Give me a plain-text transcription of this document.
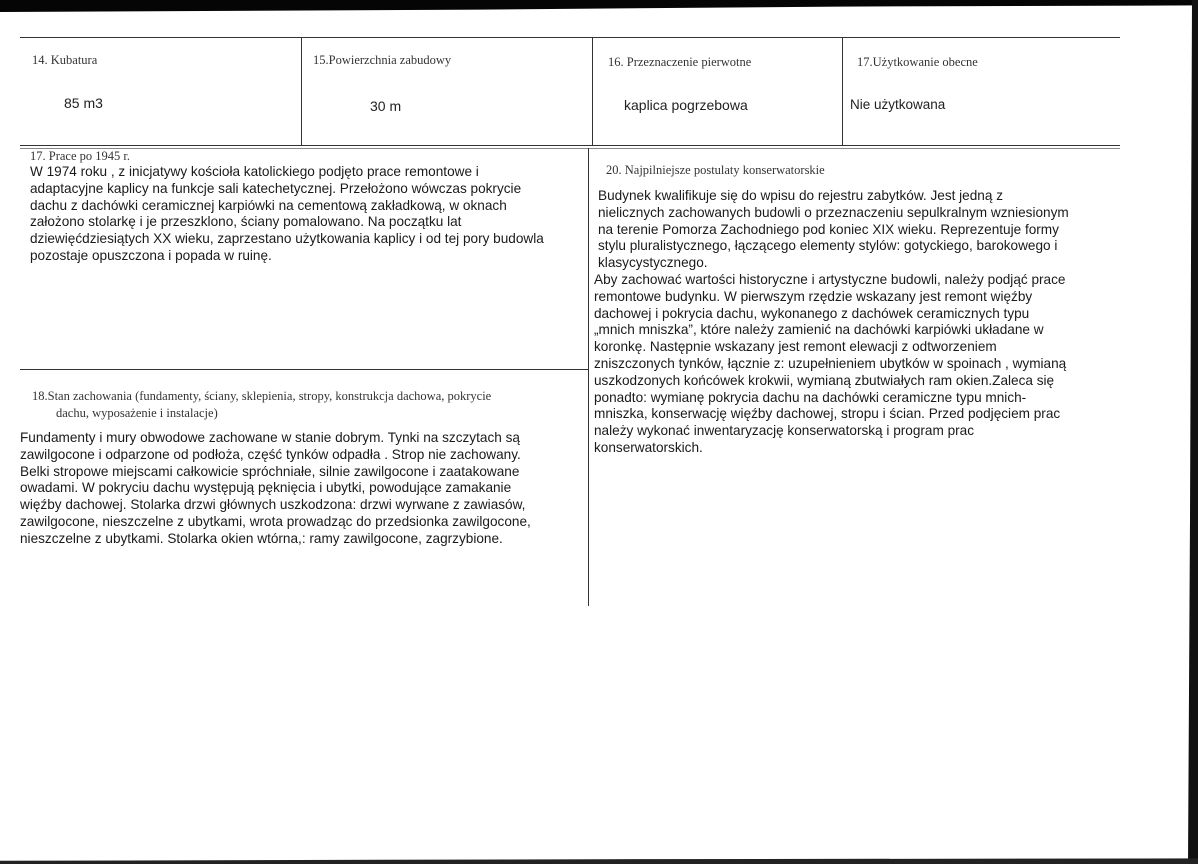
14. Kubatura
85 m3
15.Powierzchnia zabudowy
30 m
16. Przeznaczenie pierwotne
kaplica pogrzebowa
17.Użytkowanie obecne
Nie użytkowana
17. Prace po 1945 r.
W 1974 roku , z inicjatywy kościoła katolickiego podjęto prace remontowe i
adaptacyjne kaplicy na funkcje sali katechetycznej. Przełożono wówczas pokrycie
dachu z dachówki ceramicznej karpiówki na cementową zakładkową, w oknach
założono stolarkę i je przeszklono, ściany pomalowano. Na początku lat
dziewięćdziesiątych XX wieku, zaprzestano użytkowania kaplicy i od tej pory budowla
pozostaje opuszczona i popada w ruinę.
18.Stan zachowania (fundamenty, ściany, sklepienia, stropy, konstrukcja dachowa, pokrycie
dachu, wyposażenie i instalacje)
Fundamenty i mury obwodowe zachowane w stanie dobrym. Tynki na szczytach są
zawilgocone i odparzone od podłoża, część tynków odpadła . Strop nie zachowany.
Belki stropowe miejscami całkowicie spróchniałe, silnie zawilgocone i zaatakowane
owadami. W pokryciu dachu występują pęknięcia i ubytki, powodujące zamakanie
więźby dachowej. Stolarka drzwi głównych uszkodzona: drzwi wyrwane z zawiasów,
zawilgocone, nieszczelne z ubytkami, wrota prowadząc do przedsionka zawilgocone,
nieszczelne z ubytkami. Stolarka okien wtórna,: ramy zawilgocone, zagrzybione.
20. Najpilniejsze postulaty konserwatorskie
Budynek kwalifikuje się do wpisu do rejestru zabytków. Jest jedną z
nielicznych zachowanych budowli o przeznaczeniu sepulkralnym wzniesionym
na terenie Pomorza Zachodniego pod koniec XIX wieku. Reprezentuje formy
stylu pluralistycznego, łączącego elementy stylów: gotyckiego, barokowego i
klasycystycznego.
Aby zachować wartości historyczne i artystyczne budowli, należy podjąć prace
remontowe budynku. W pierwszym rzędzie wskazany jest remont więźby
dachowej i pokrycia dachu, wykonanego z dachówek ceramicznych typu
„mnich mniszka”, które należy zamienić na dachówki karpiówki układane w
koronkę. Następnie wskazany jest remont elewacji z odtworzeniem
zniszczonych tynków, łącznie z: uzupełnieniem ubytków w spoinach , wymianą
uszkodzonych końcówek krokwii, wymianą zbutwiałych ram okien.Zaleca się
ponadto: wymianę pokrycia dachu na dachówki ceramiczne typu mnich-
mniszka, konserwację więźby dachowej, stropu i ścian. Przed podjęciem prac
należy wykonać inwentaryzację konserwatorską i program prac
konserwatorskich.
